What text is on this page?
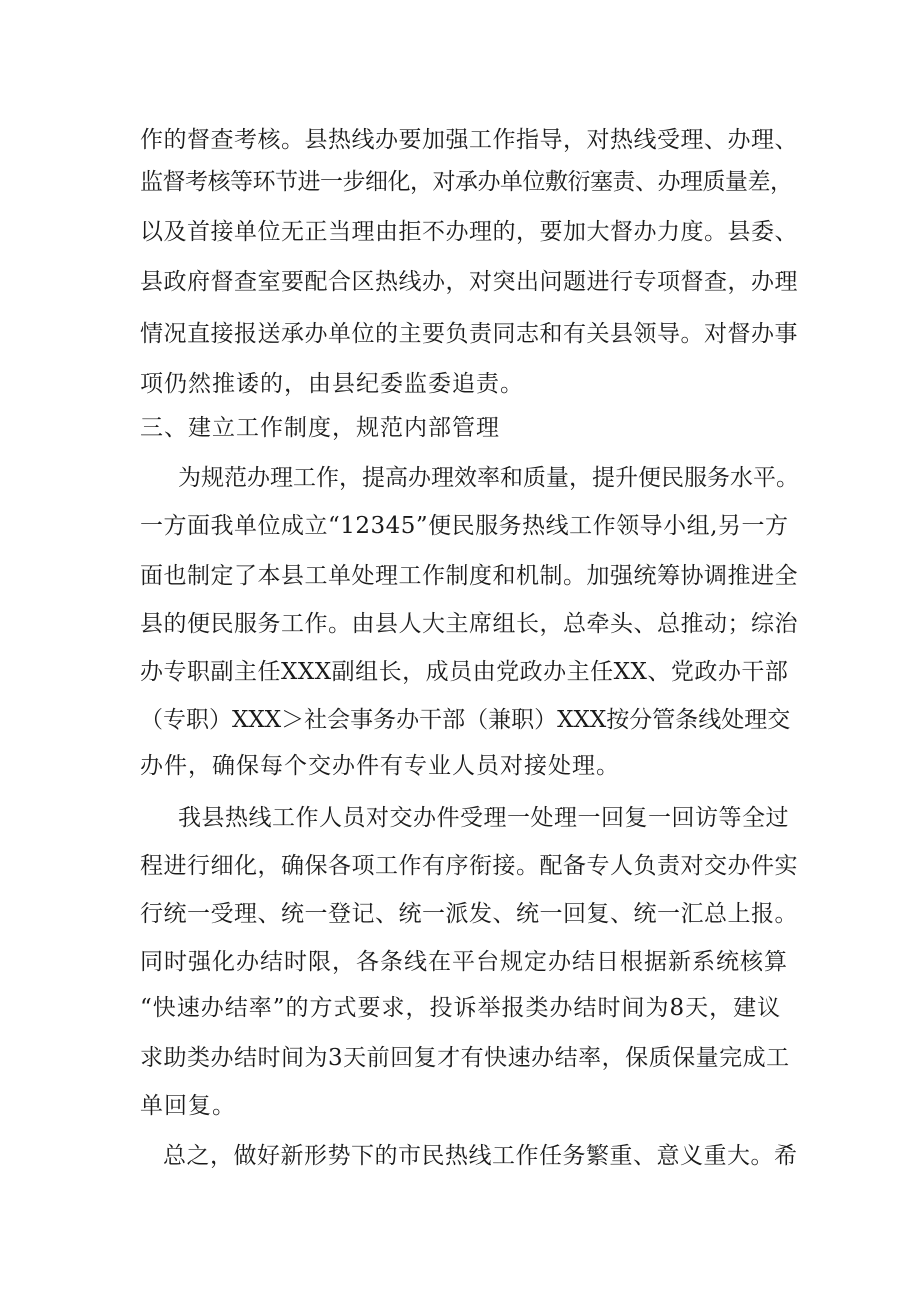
作的督查考核。县热线办要加强工作指导，对热线受理、办理、
监督考核等环节进一步细化，对承办单位敷衍塞责、办理质量差，
以及首接单位无正当理由拒不办理的，要加大督办力度。县委、
县政府督查室要配合区热线办，对突出问题进行专项督查，办理
情况直接报送承办单位的主要负责同志和有关县领导。对督办事
项仍然推诿的，由县纪委监委追责。
三、建立工作制度，规范内部管理
为规范办理工作，提高办理效率和质量，提升便民服务水平。
一方面我单位成立“12345”便民服务热线工作领导小组,另一方
面也制定了本县工单处理工作制度和机制。加强统筹协调推进全
县的便民服务工作。由县人大主席组长，总牵头、总推动；综治
办专职副主任XXX副组长，成员由党政办主任XX、党政办干部
（专职）XXX＞社会事务办干部（兼职）XXX按分管条线处理交
办件，确保每个交办件有专业人员对接处理。
我县热线工作人员对交办件受理一处理一回复一回访等全过
程进行细化，确保各项工作有序衔接。配备专人负责对交办件实
行统一受理、统一登记、统一派发、统一回复、统一汇总上报。
同时强化办结时限，各条线在平台规定办结日根据新系统核算
“快速办结率”的方式要求，投诉举报类办结时间为8天，建议
求助类办结时间为3天前回复才有快速办结率，保质保量完成工
单回复。
总之，做好新形势下的市民热线工作任务繁重、意义重大。希
